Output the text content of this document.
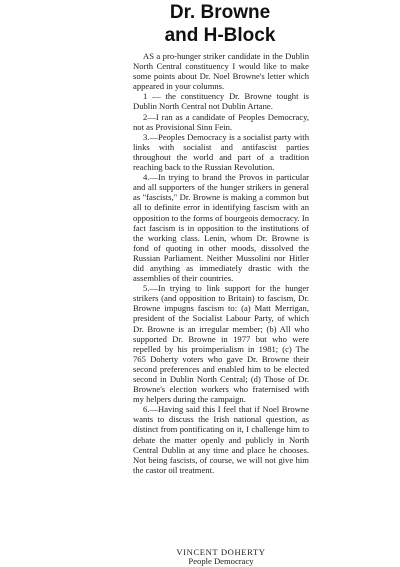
Dr. Browne
and H-Block

AS a pro-hunger striker candidate in the Dublin North Central constituency I would like to make some points about Dr. Noel Browne's letter which appeared in your columns.

1 — the constituency Dr. Browne tought is Dublin North Central not Dublin Artane.

2—I ran as a candidate of Peoples Democracy, not as Provisional Sinn Fein.

3.—Peoples Democracy is a socialist party with links with socialist and antifascist parties throughout the world and part of a tradition reaching back to the Russian Revolution.

4.—In trying to brand the Provos in particular and all supporters of the hunger strikers in general as "fascists," Dr. Browne is making a common but all to definite error in identifying fascism with an opposition to the forms of bourgeois democracy. In fact fascism is in opposition to the institutions of the working class. Lenin, whom Dr. Browne is fond of quoting in other moods, dissolved the Russian Parliament. Neither Mussolini nor Hitler did anything as immediately drastic with the assemblies of their countries.

5.—In trying to link support for the hunger strikers (and opposition to Britain) to fascism, Dr. Browne impugns fascism to: (a) Matt Merrigan, president of the Socialist Labour Party, of which Dr. Browne is an irregular member; (b) All who supported Dr. Browne in 1977 but who were repelled by his proimperialism in 1981; (c) The 765 Doherty voters who gave Dr. Browne their second preferences and enabled him to be elected second in Dublin North Central; (d) Those of Dr. Browne's election workers who fraternised with my helpers during the campaign.

6.—Having said this I feel that if Noel Browne wants to discuss the Irish national question, as distinct from pontificating on it, I challenge him to debate the matter openly and publicly in North Central Dublin at any time and place he chooses. Not being fascists, of course, we will not give him the castor oil treatment.

VINCENT DOHERTY
People Democracy
